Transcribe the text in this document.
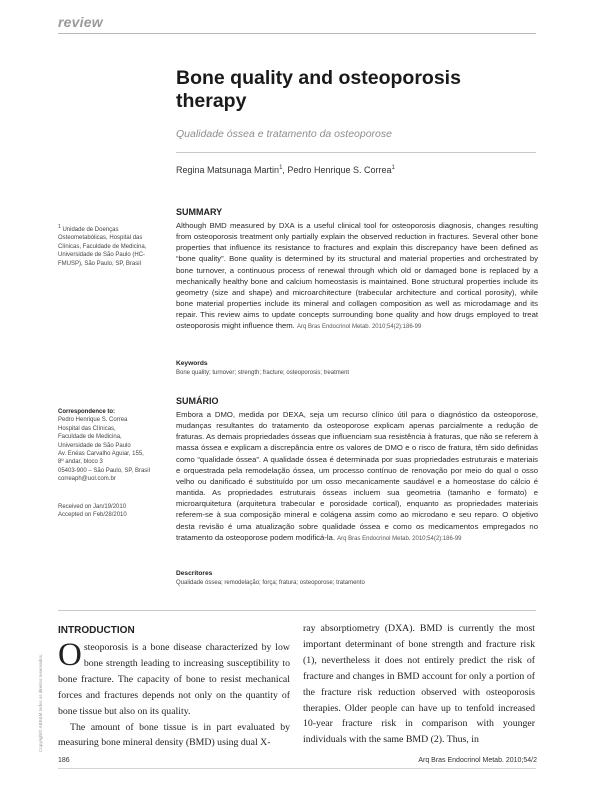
review
Bone quality and osteoporosis therapy
Qualidade óssea e tratamento da osteoporose
Regina Matsunaga Martin$^1$, Pedro Henrique S. Correa$^1$
$^1$ Unidade de Doenças Osteometabólicas, Hospital das Clínicas, Faculdade de Medicina, Universidade de São Paulo (HC-FMUSP), São Paulo, SP, Brasil
Correspondence to:
Pedro Henrique S. Correa
Hospital das Clínicas,
Faculdade de Medicina,
Universidade de São Paulo
Av. Enéas Carvalho Aguiar, 155,
8º andar, bloco 3
05403-900 – São Paulo, SP, Brasil
correaph@uol.com.br
Received on Jan/19/2010
Accepted on Feb/28/2010
SUMMARY
Although BMD measured by DXA is a useful clinical tool for osteoporosis diagnosis, changes resulting from osteoporosis treatment only partially explain the observed reduction in fractures. Several other bone properties that influence its resistance to fractures and explain this discrepancy have been defined as “bone quality”. Bone quality is determined by its structural and material properties and orchestrated by bone turnover, a continuous process of renewal through which old or damaged bone is replaced by a mechanically healthy bone and calcium homeostasis is maintained. Bone structural properties include its geometry (size and shape) and microarchitecture (trabecular architecture and cortical porosity), while bone material properties include its mineral and collagen composition as well as microdamage and its repair. This review aims to update concepts surrounding bone quality and how drugs employed to treat osteoporosis might influence them. Arq Bras Endocrinol Metab. 2010;54(2):186-99
Keywords
Bone quality; turnover; strength; fracture; osteoporosis; treatment
SUMÁRIO
Embora a DMO, medida por DEXA, seja um recurso clínico útil para o diagnóstico da osteoporose, mudanças resultantes do tratamento da osteoporose explicam apenas parcialmente a redução de fraturas. As demais propriedades ósseas que influenciam sua resistência à fraturas, que não se referem à massa óssea e explicam a discrepância entre os valores de DMO e o risco de fratura, têm sido definidas como “qualidade óssea”. A qualidade óssea é determinada por suas propriedades estruturais e materiais e orquestrada pela remodelação óssea, um processo contínuo de renovação por meio do qual o osso velho ou danificado é substituído por um osso mecanicamente saudável e a homeostase do cálcio é mantida. As propriedades estruturais ósseas incluem sua geometria (tamanho e formato) e microarquitetura (arquitetura trabecular e porosidade cortical), enquanto as propriedades materiais referem-se à sua composição mineral e colágena assim como ao microdano e seu reparo. O objetivo desta revisão é uma atualização sobre qualidade óssea e como os medicamentos empregados no tratamento da osteoporose podem modificá-la. Arq Bras Endocrinol Metab. 2010;54(2):186-99
Descritores
Qualidade óssea; remodelação; força; fratura; osteoporose; tratamento
INTRODUCTION
Copyright© ABE&M todos os direitos reservados. Osteoporosis is a bone disease characterized by low bone strength leading to increasing susceptibility to bone fracture. The capacity of bone to resist mechanical forces and fractures depends not only on the quantity of bone tissue but also on its quality.
The amount of bone tissue is in part evaluated by measuring bone mineral density (BMD) using dual X-
ray absorptiometry (DXA). BMD is currently the most important determinant of bone strength and fracture risk (1), nevertheless it does not entirely predict the risk of fracture and changes in BMD account for only a portion of the fracture risk reduction observed with osteoporosis therapies. Older people can have up to tenfold increased 10-year fracture risk in comparison with younger individuals with the same BMD (2). Thus, in
186	Arq Bras Endocrinol Metab. 2010;54/2
